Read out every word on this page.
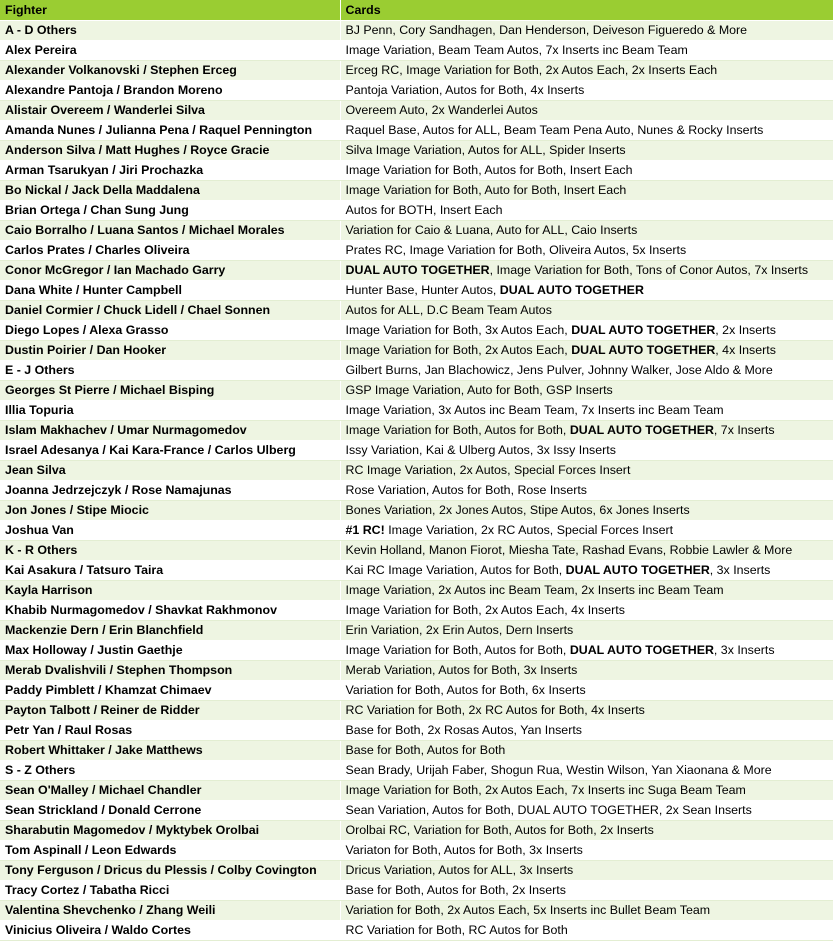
Fighter	Cards
A - D Others	BJ Penn, Cory Sandhagen, Dan Henderson, Deiveson Figueredo & More
Alex Pereira	Image Variation, Beam Team Autos, 7x Inserts inc Beam Team
Alexander Volkanovski / Stephen Erceg	Erceg RC, Image Variation for Both, 2x Autos Each, 2x Inserts Each
Alexandre Pantoja / Brandon Moreno	Pantoja Variation, Autos for Both, 4x Inserts
Alistair Overeem / Wanderlei Silva	Overeem Auto, 2x Wanderlei Autos
Amanda Nunes / Julianna Pena / Raquel Pennington	Raquel Base, Autos for ALL, Beam Team Pena Auto, Nunes & Rocky Inserts
Anderson Silva / Matt Hughes / Royce Gracie	Silva Image Variation, Autos for ALL, Spider Inserts
Arman Tsarukyan / Jiri Prochazka	Image Variation for Both, Autos for Both, Insert Each
Bo Nickal / Jack Della Maddalena	Image Variation for Both, Auto for Both, Insert Each
Brian Ortega / Chan Sung Jung	Autos for BOTH, Insert Each
Caio Borralho / Luana Santos / Michael Morales	Variation for Caio & Luana, Auto for ALL, Caio Inserts
Carlos Prates / Charles Oliveira	Prates RC, Image Variation for Both, Oliveira Autos, 5x Inserts
Conor McGregor / Ian Machado Garry	DUAL AUTO TOGETHER, Image Variation for Both, Tons of Conor Autos, 7x Inserts
Dana White / Hunter Campbell	Hunter Base, Hunter Autos, DUAL AUTO TOGETHER
Daniel Cormier / Chuck Lidell / Chael Sonnen	Autos for ALL, D.C Beam Team Autos
Diego Lopes / Alexa Grasso	Image Variation for Both, 3x Autos Each, DUAL AUTO TOGETHER, 2x Inserts
Dustin Poirier / Dan Hooker	Image Variation for Both, 2x Autos Each, DUAL AUTO TOGETHER, 4x Inserts
E - J Others	Gilbert Burns, Jan Blachowicz, Jens Pulver, Johnny Walker, Jose Aldo & More
Georges St Pierre / Michael Bisping	GSP Image Variation, Auto for Both, GSP Inserts
Illia Topuria	Image Variation, 3x Autos inc Beam Team, 7x Inserts inc Beam Team
Islam Makhachev / Umar Nurmagomedov	Image Variation for Both, Autos for Both, DUAL AUTO TOGETHER, 7x Inserts
Israel Adesanya / Kai Kara-France / Carlos Ulberg	Issy Variation, Kai & Ulberg Autos, 3x Issy Inserts
Jean Silva	RC Image Variation, 2x Autos, Special Forces Insert
Joanna Jedrzejczyk / Rose Namajunas	Rose Variation, Autos for Both, Rose Inserts
Jon Jones / Stipe Miocic	Bones Variation, 2x Jones Autos, Stipe Autos, 6x Jones Inserts
Joshua Van	#1 RC! Image Variation, 2x RC Autos, Special Forces Insert
K - R Others	Kevin Holland, Manon Fiorot, Miesha Tate, Rashad Evans, Robbie Lawler & More
Kai Asakura / Tatsuro Taira	Kai RC Image Variation, Autos for Both, DUAL AUTO TOGETHER, 3x Inserts
Kayla Harrison	Image Variation, 2x Autos inc Beam Team, 2x Inserts inc Beam Team
Khabib Nurmagomedov / Shavkat Rakhmonov	Image Variation for Both, 2x Autos Each, 4x Inserts
Mackenzie Dern / Erin Blanchfield	Erin Variation, 2x Erin Autos, Dern Inserts
Max Holloway / Justin Gaethje	Image Variation for Both, Autos for Both, DUAL AUTO TOGETHER, 3x Inserts
Merab Dvalishvili / Stephen Thompson	Merab Variation, Autos for Both, 3x Inserts
Paddy Pimblett / Khamzat Chimaev	Variation for Both, Autos for Both, 6x Inserts
Payton Talbott / Reiner de Ridder	RC Variation for Both, 2x RC Autos for Both, 4x Inserts
Petr Yan / Raul Rosas	Base for Both, 2x Rosas Autos, Yan Inserts
Robert Whittaker / Jake Matthews	Base for Both, Autos for Both
S - Z Others	Sean Brady, Urijah Faber, Shogun Rua, Westin Wilson, Yan Xiaonana & More
Sean O'Malley / Michael Chandler	Image Variation for Both, 2x Autos Each, 7x Inserts inc Suga Beam Team
Sean Strickland / Donald Cerrone	Sean Variation, Autos for Both, DUAL AUTO TOGETHER, 2x Sean Inserts
Sharabutin Magomedov / Myktybek Orolbai	Orolbai RC, Variation for Both, Autos for Both, 2x Inserts
Tom Aspinall / Leon Edwards	Variaton for Both, Autos for Both, 3x Inserts
Tony Ferguson / Dricus du Plessis / Colby Covington	Dricus Variation, Autos for ALL, 3x Inserts
Tracy Cortez / Tabatha Ricci	Base for Both, Autos for Both, 2x Inserts
Valentina Shevchenko / Zhang Weili	Variation for Both, 2x Autos Each, 5x Inserts inc Bullet Beam Team
Vinicius Oliveira / Waldo Cortes	RC Variation for Both, RC Autos for Both
